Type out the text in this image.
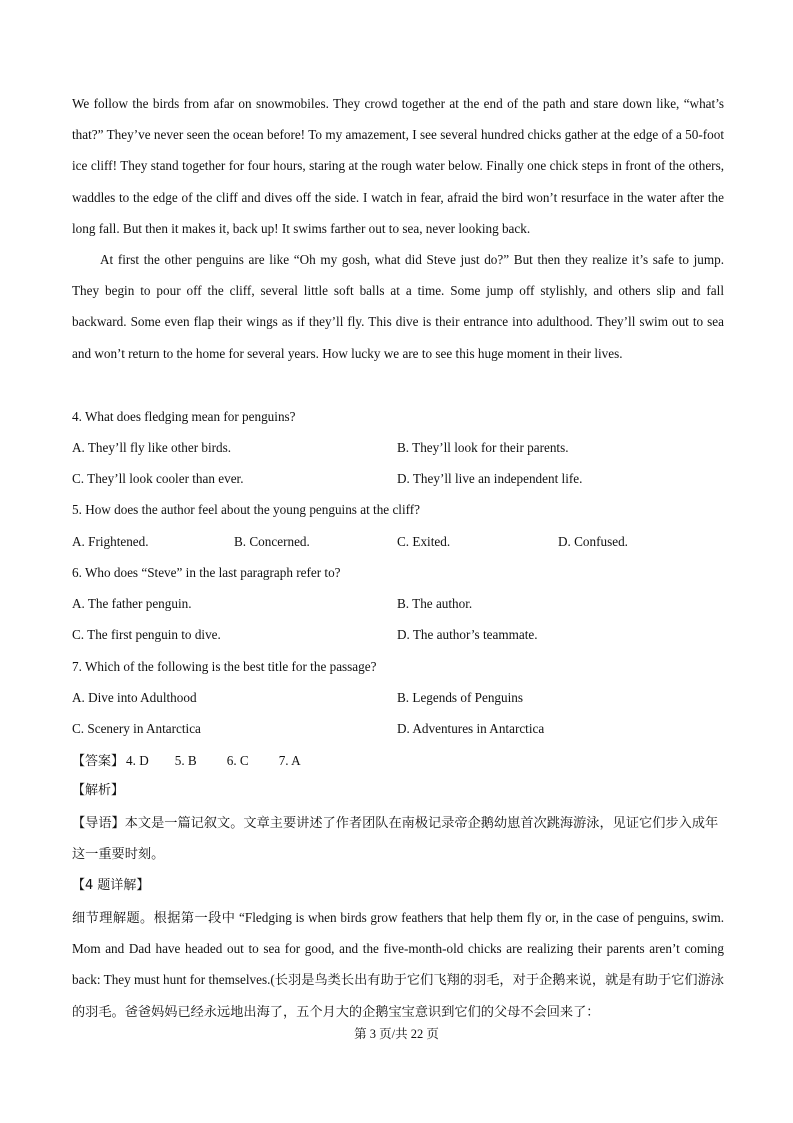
We follow the birds from afar on snowmobiles. They crowd together at the end of the path and stare down like, “what’s that?” They’ve never seen the ocean before! To my amazement, I see several hundred chicks gather at the edge of a 50-foot ice cliff! They stand together for four hours, staring at the rough water below. Finally one chick steps in front of the others, waddles to the edge of the cliff and dives off the side. I watch in fear, afraid the bird won’t resurface in the water after the long fall. But then it makes it, back up! It swims farther out to sea, never looking back.

At first the other penguins are like “Oh my gosh, what did Steve just do?” But then they realize it’s safe to jump. They begin to pour off the cliff, several little soft balls at a time. Some jump off stylishly, and others slip and fall backward. Some even flap their wings as if they’ll fly. This dive is their entrance into adulthood. They’ll swim out to sea and won’t return to the home for several years. How lucky we are to see this huge moment in their lives.

4. What does fledging mean for penguins?
A. They’ll fly like other birds.	B. They’ll look for their parents.
C. They’ll look cooler than ever.	D. They’ll live an independent life.
5. How does the author feel about the young penguins at the cliff?
A. Frightened.	B. Concerned.	C. Exited.	D. Confused.
6. Who does “Steve” in the last paragraph refer to?
A. The father penguin.	B. The author.
C. The first penguin to dive.	D. The author’s teammate.
7. Which of the following is the best title for the passage?
A. Dive into Adulthood	B. Legends of Penguins
C. Scenery in Antarctica	D. Adventures in Antarctica
【答案】 4. D 5. B 6. C 7. A
【解析】
【导语】本文是一篇记叙文。文章主要讲述了作者团队在南极记录帝企鹅幼崽首次跳海游泳，见证它们步入成年这一重要时刻。
【4 题详解】

细节理解题。根据第一段中 “Fledging is when birds grow feathers that help them fly or, in the case of penguins, swim. Mom and Dad have headed out to sea for good, and the five-month-old chicks are realizing their parents aren’t coming back: They must hunt for themselves.(长羽是鸟类长出有助于它们飞翔的羽毛，对于企鹅来说，就是有助于它们游泳的羽毛。爸爸妈妈已经永远地出海了，五个月大的企鹅宝宝意识到它们的父母不会回来了：

第 3 页/共 22 页
